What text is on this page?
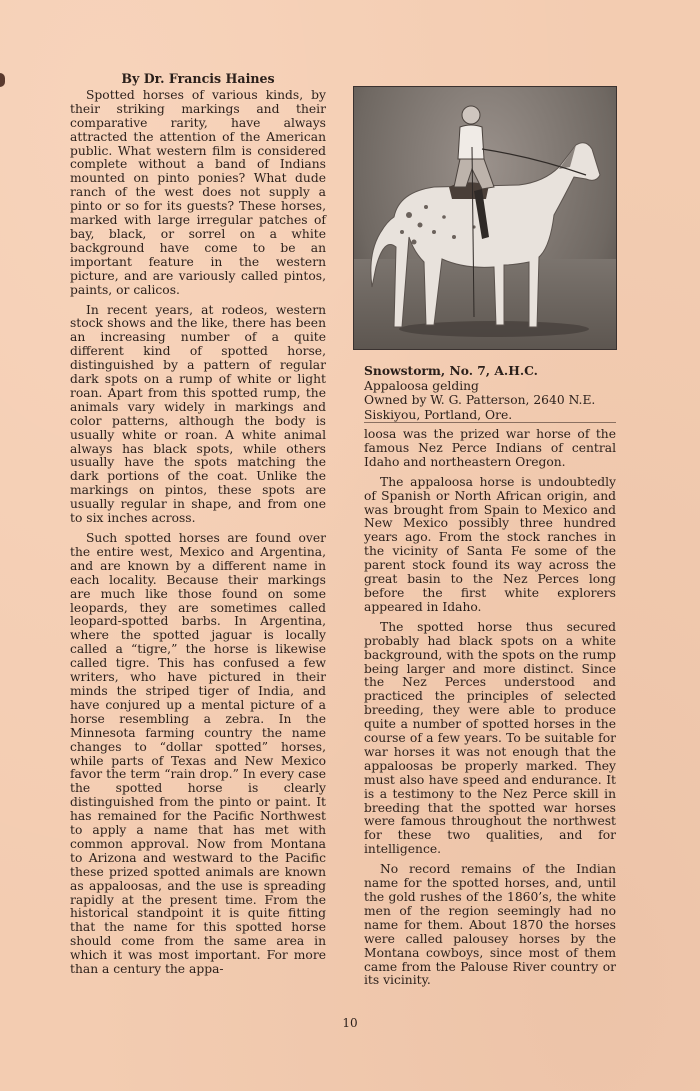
By Dr. Francis Haines

Spotted horses of various kinds, by their striking markings and their comparative rarity, have always attracted the attention of the American public. What western film is considered complete without a band of Indians mounted on pinto ponies? What dude ranch of the west does not supply a pinto or so for its guests? These horses, marked with large irregular patches of bay, black, or sorrel on a white background have come to be an important feature in the western picture, and are variously called pintos, paints, or calicos.

In recent years, at rodeos, western stock shows and the like, there has been an increasing number of a quite different kind of spotted horse, distinguished by a pattern of regular dark spots on a rump of white or light roan. Apart from this spotted rump, the animals vary widely in markings and color patterns, although the body is usually white or roan. A white animal always has black spots, while others usually have the spots matching the dark portions of the coat. Unlike the markings on pintos, these spots are usually regular in shape, and from one to six inches across.

Such spotted horses are found over the entire west, Mexico and Argentina, and are known by a different name in each locality. Because their markings are much like those found on some leopards, they are sometimes called leopard-spotted barbs. In Argentina, where the spotted jaguar is locally called a “tigre,” the horse is likewise called tigre. This has confused a few writers, who have pictured in their minds the striped tiger of India, and have conjured up a mental picture of a horse resembling a zebra. In the Minnesota farming country the name changes to “dollar spotted” horses, while parts of Texas and New Mexico favor the term “rain drop.” In every case the spotted horse is clearly distinguished from the pinto or paint. It has remained for the Pacific Northwest to apply a name that has met with common approval. Now from Montana to Arizona and westward to the Pacific these prized spotted animals are known as appaloosas, and the use is spreading rapidly at the present time. From the historical standpoint it is quite fitting that the name for this spotted horse should come from the same area in which it was most important. For more than a century the appa-

Snowstorm, No. 7, A.H.C.
Appaloosa gelding
Owned by W. G. Patterson, 2640 N.E.
Siskiyou, Portland, Ore.

loosa was the prized war horse of the famous Nez Perce Indians of central Idaho and northeastern Oregon.

The appaloosa horse is undoubtedly of Spanish or North African origin, and was brought from Spain to Mexico and New Mexico possibly three hundred years ago. From the stock ranches in the vicinity of Santa Fe some of the parent stock found its way across the great basin to the Nez Perces long before the first white explorers appeared in Idaho.

The spotted horse thus secured probably had black spots on a white background, with the spots on the rump being larger and more distinct. Since the Nez Perces understood and practiced the principles of selected breeding, they were able to produce quite a number of spotted horses in the course of a few years. To be suitable for war horses it was not enough that the appaloosas be properly marked. They must also have speed and endurance. It is a testimony to the Nez Perce skill in breeding that the spotted war horses were famous throughout the northwest for these two qualities, and for intelligence.

No record remains of the Indian name for the spotted horses, and, until the gold rushes of the 1860’s, the white men of the region seemingly had no name for them. About 1870 the horses were called palousey horses by the Montana cowboys, since most of them came from the Palouse River country or its vicinity.

10
